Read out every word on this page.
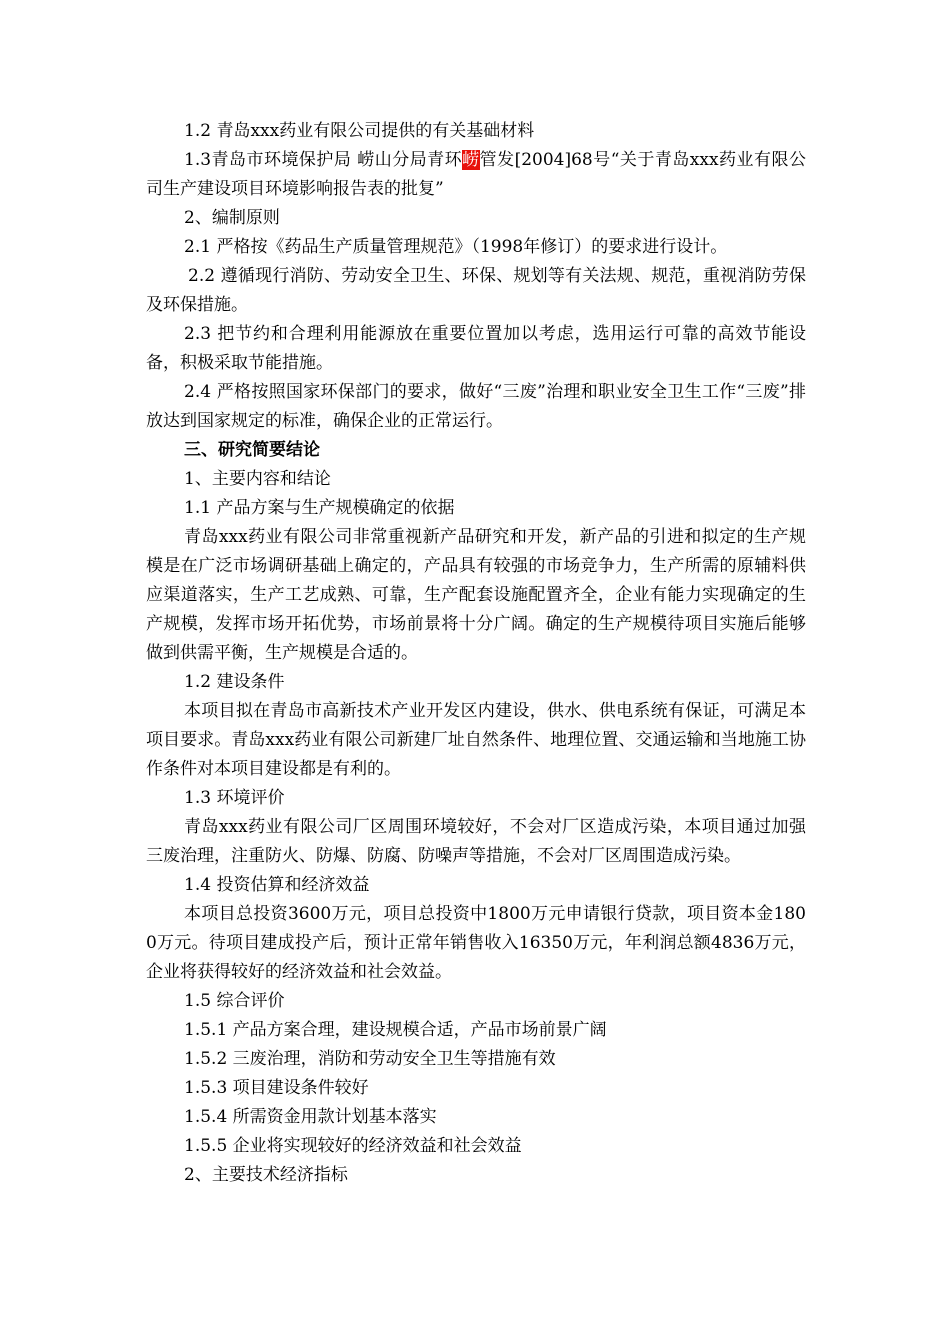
1.2 青岛xxx药业有限公司提供的有关基础材料

1.3青岛市环境保护局 崂山分局青环崂管发[2004]68号“关于青岛xxx药业有限公司生产建设项目环境影响报告表的批复”

2、编制原则

2.1 严格按《药品生产质量管理规范》（1998年修订）的要求进行设计。

2.2 遵循现行消防、劳动安全卫生、环保、规划等有关法规、规范，重视消防劳保及环保措施。

2.3 把节约和合理利用能源放在重要位置加以考虑，选用运行可靠的高效节能设备，积极采取节能措施。

2.4 严格按照国家环保部门的要求，做好“三废”治理和职业安全卫生工作“三废”排放达到国家规定的标准，确保企业的正常运行。

三、研究简要结论

1、主要内容和结论

1.1 产品方案与生产规模确定的依据

青岛xxx药业有限公司非常重视新产品研究和开发，新产品的引进和拟定的生产规模是在广泛市场调研基础上确定的，产品具有较强的市场竞争力，生产所需的原辅料供应渠道落实，生产工艺成熟、可靠，生产配套设施配置齐全，企业有能力实现确定的生产规模，发挥市场开拓优势，市场前景将十分广阔。确定的生产规模待项目实施后能够做到供需平衡，生产规模是合适的。

1.2 建设条件

本项目拟在青岛市高新技术产业开发区内建设，供水、供电系统有保证，可满足本项目要求。青岛xxx药业有限公司新建厂址自然条件、地理位置、交通运输和当地施工协作条件对本项目建设都是有利的。

1.3 环境评价

青岛xxx药业有限公司厂区周围环境较好，不会对厂区造成污染，本项目通过加强三废治理，注重防火、防爆、防腐、防噪声等措施，不会对厂区周围造成污染。

1.4 投资估算和经济效益

本项目总投资3600万元，项目总投资中1800万元申请银行贷款，项目资本金1800万元。待项目建成投产后，预计正常年销售收入16350万元，年利润总额4836万元，企业将获得较好的经济效益和社会效益。

1.5 综合评价

1.5.1 产品方案合理，建设规模合适，产品市场前景广阔

1.5.2 三废治理，消防和劳动安全卫生等措施有效

1.5.3 项目建设条件较好

1.5.4 所需资金用款计划基本落实

1.5.5 企业将实现较好的经济效益和社会效益

2、主要技术经济指标
